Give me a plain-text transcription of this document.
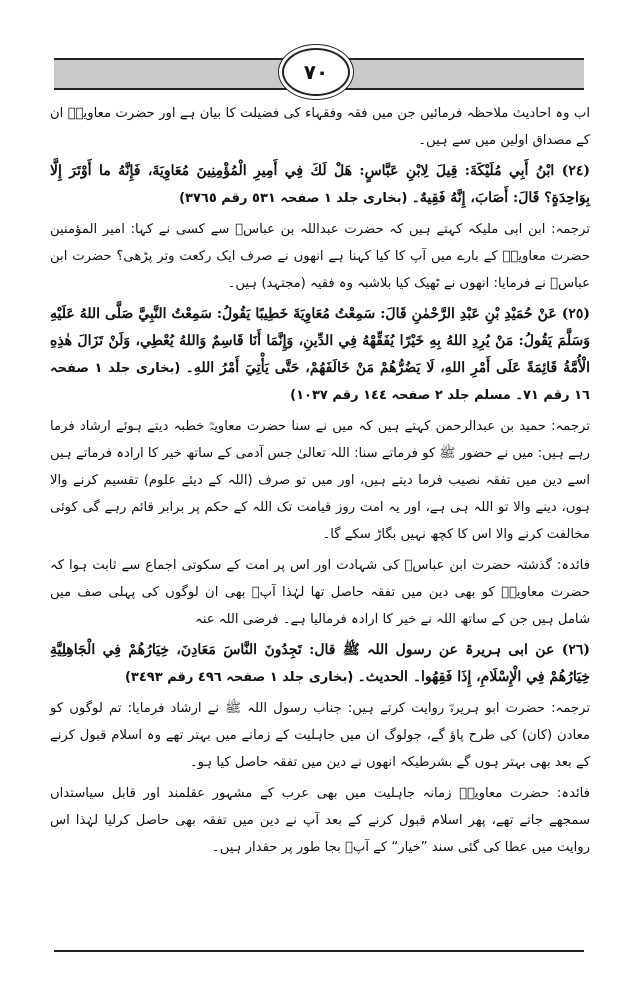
٧٠

اب وہ احادیث ملاحظہ فرمائیں جن میں فقہ وفقہاء کی فضیلت کا بیان ہے اور حضرت معاویہؓ ان کے مصداق اولین میں سے ہیں۔

(٢٤) ابْنُ أَبِي مُلَيْكَةَ: قِيلَ لِابْنِ عَبَّاسٍ: هَلْ لَكَ فِي أَمِيرِ الْمُؤْمِنِينَ مُعَاوِيَةَ، فَإِنَّهُ ما أَوْتَرَ إِلَّا بِوَاحِدَةٍ؟ قَالَ: أَصَابَ، إِنَّهُ فَقِيهٌ۔ (بخاری جلد ١ صفحہ ٥٣١ رقم ٣٧٦٥)

ترجمہ: ابن ابی ملیکہ کہتے ہیں کہ حضرت عبداللہ بن عباسؓ سے کسی نے کہا: امیر المؤمنین حضرت معاویہؓ کے بارے میں آپ کا کیا کہنا ہے انھوں نے صرف ایک رکعت وتر پڑھی؟ حضرت ابن عباسؓ نے فرمایا: انھوں نے ٹھیک کیا بلاشبہ وہ فقیہ (مجتہد) ہیں۔

(٢٥) عَنْ حُمَيْدِ بْنِ عَبْدِ الرَّحْمٰنِ قَالَ: سَمِعْتُ مُعَاوِيَةَ خَطِيبًا يَقُولُ: سَمِعْتُ النَّبِيَّ صَلَّى اللهُ عَلَيْهِ وَسَلَّمَ يَقُولُ: مَنْ يُرِدِ اللهُ بِهِ خَيْرًا يُفَقِّهْهُ فِي الدِّينِ، وَإِنَّمَا أَنَا قَاسِمٌ وَاللهُ يُعْطِي، وَلَنْ تَزَالَ هٰذِهِ الْأُمَّةُ قَائِمَةً عَلَى أَمْرِ اللهِ، لَا يَضُرُّهُمْ مَنْ خَالَفَهُمْ، حَتَّى يَأْتِيَ أَمْرُ اللهِ۔ (بخاری جلد ١ صفحہ ١٦ رقم ٧١۔ مسلم جلد ٢ صفحہ ١٤٤ رقم ١٠٣٧)

ترجمہ: حمید بن عبدالرحمن کہتے ہیں کہ میں نے سنا حضرت معاویہؓ خطبہ دیتے ہوئے ارشاد فرما رہے ہیں: میں نے حضور ﷺ کو فرماتے سنا: اللہ تعالیٰ جس آدمی کے ساتھ خیر کا ارادہ فرماتے ہیں اسے دین میں تفقہ نصیب فرما دیتے ہیں، اور میں تو صرف (اللہ کے دیئے علوم) تقسیم کرنے والا ہوں، دینے والا تو اللہ ہی ہے، اور یہ امت روز قیامت تک اللہ کے حکم پر برابر قائم رہے گی کوئی مخالفت کرنے والا اس کا کچھ نہیں بگاڑ سکے گا۔

فائدہ: گذشتہ حضرت ابن عباسؓ کی شہادت اور اس پر امت کے سکوتی اجماع سے ثابت ہوا کہ حضرت معاویہؓ کو بھی دین میں تفقہ حاصل تھا لہٰذا آپؓ بھی ان لوگوں کی پہلی صف میں شامل ہیں جن کے ساتھ اللہ نے خیر کا ارادہ فرمالیا ہے۔ فرضی اللہ عنہ

(٢٦) عن ابی ہریرۃ عن رسول اللہ ﷺ قال: تَجِدُونَ النَّاسَ مَعَادِنَ، خِيَارُهُمْ فِي الْجَاهِلِيَّةِ خِيَارُهُمْ فِي الْإِسْلَامِ، إِذَا فَقِهُوا۔ الحدیث۔ (بخاری جلد ١ صفحہ ٤٩٦ رقم ٣٤٩٣)

ترجمہ: حضرت ابو ہریرہؓ روایت کرتے ہیں: جناب رسول اللہ ﷺ نے ارشاد فرمایا: تم لوگوں کو معادن (کان) کی طرح پاؤ گے، جولوگ ان میں جاہلیت کے زمانے میں بہتر تھے وہ اسلام قبول کرنے کے بعد بھی بہتر ہوں گے بشرطیکہ انھوں نے دین میں تفقہ حاصل کیا ہو۔

فائدہ: حضرت معاویہؓ زمانہ جاہلیت میں بھی عرب کے مشہور عقلمند اور قابل سیاستداں سمجھے جاتے تھے، پھر اسلام قبول کرنے کے بعد آپ نے دین میں تفقہ بھی حاصل کرلیا لہٰذا اس روایت میں عطا کی گئی سند ”خیار“ کے آپؓ بجا طور پر حقدار ہیں۔
